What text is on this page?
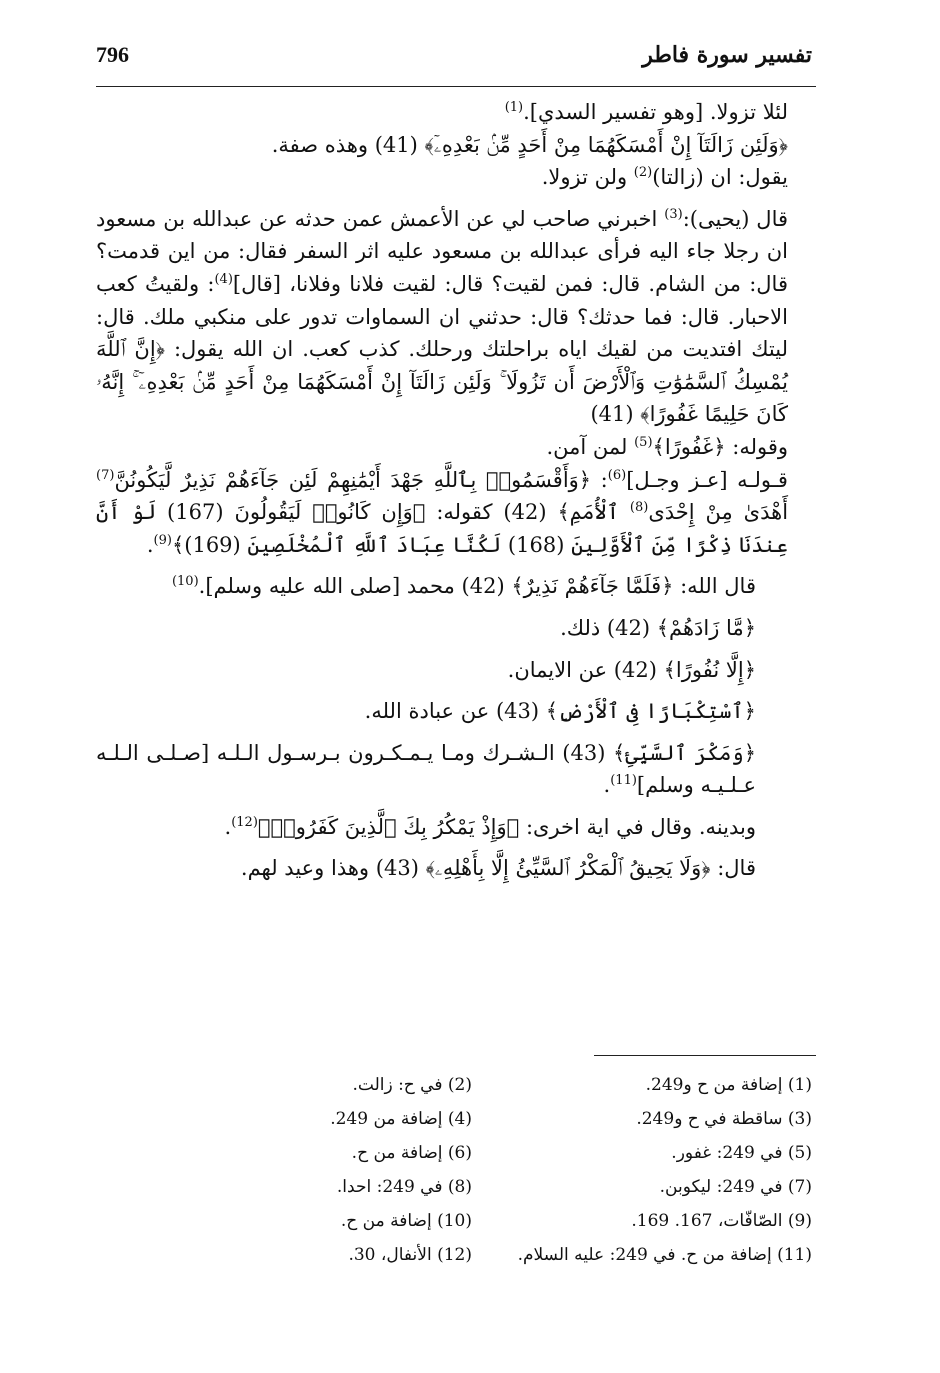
796	تفسير سورة فاطر

لئلا تزولا. [وهو تفسير السدي].$^{(1)}$

﴿وَلَئِن زَالَتَآ إِنْ أَمْسَكَهُمَا مِنْ أَحَدٍ مِّنۢ بَعْدِهِۦٓ﴾ (41) وهذه صفة.

يقول: ان (زالتا)$^{(2)}$ ولن تزولا.

قال (يحيى):$^{(3)}$ اخبرني صاحب لي عن الأعمش عمن حدثه عن عبدالله بن مسعود ان رجلا جاء اليه فرأى عبدالله بن مسعود عليه اثر السفر فقال: من اين قدمت؟ قال: من الشام. قال: فمن لقيت؟ قال: لقيت فلانا وفلانا، [قال]$^{(4)}$: ولقيتُ كعب الاحبار. قال: فما حدثك؟ قال: حدثني ان السماوات تدور على منكبي ملك. قال: ليتك افتديت من لقيك اياه براحلتك ورحلك. كذب كعب. ان الله يقول: ﴿إِنَّ ٱللَّهَ يُمْسِكُ ٱلسَّمَٰوَٰتِ وَٱلْأَرْضَ أَن تَزُولَا ۚ وَلَئِن زَالَتَآ إِنْ أَمْسَكَهُمَا مِنْ أَحَدٍ مِّنۢ بَعْدِهِۦٓ ۚ إِنَّهُۥ كَانَ حَلِيمًا غَفُورًا﴾ (41)

وقوله: ﴿غَفُورًا﴾$^{(5)}$ لمن آمن.

قـولـه [عـز وجـل]$^{(6)}$: ﴿وَأَقْسَمُوا۟ بِٱللَّهِ جَهْدَ أَيْمَٰنِهِمْ لَئِن جَآءَهُمْ نَذِيرٌ لَّيَكُونُنَّ$^{(7)}$ أَهْدَىٰ مِنْ إِحْدَى$^{(8)}$ ٱلْأُمَمِ﴾ (42) كقوله: ﴿وَإِن كَانُوا۟ لَيَقُولُونَ (167) لَوْ أَنَّ عِندَنَا ذِكْرًا مِّنَ ٱلْأَوَّلِينَ (168) لَكُنَّا عِبَادَ ٱللَّهِ ٱلْمُخْلَصِينَ (169)﴾$^{(9)}$.

قال الله: ﴿فَلَمَّا جَآءَهُمْ نَذِيرٌ﴾ (42) محمد [صلى الله عليه وسلم].$^{(10)}$

﴿مَّا زَادَهُمْ﴾ (42) ذلك.

﴿إِلَّا نُفُورًا﴾ (42) عن الايمان.

﴿ٱسْتِكْبَارًا فِى ٱلْأَرْضِ﴾ (43) عن عبادة الله.

﴿وَمَكْرَ ٱلسَّيِّئِ﴾ (43) الـشـرك ومـا يـمـكـرون بـرسـول الـلـه [صـلـى الـلـه عـلـيـه وسلم]$^{(11)}$.

وبدينه. وقال في اية اخرى: ﴿وَإِذْ يَمْكُرُ بِكَ ٱلَّذِينَ كَفَرُوا۟﴾$^{(12)}$.

قال: ﴿وَلَا يَحِيقُ ٱلْمَكْرُ ٱلسَّيِّئُ إِلَّا بِأَهْلِهِۦ﴾ (43) وهذا وعيد لهم.

(1) إضافة من ح و249.
(2) في ح: زالت.
(3) ساقطة في ح و249.
(4) إضافة من 249.
(5) في 249: غفور.
(6) إضافة من ح.
(7) في 249: ليكوبن.
(8) في 249: احدا.
(9) الصّافّات، 167. 169.
(10) إضافة من ح.
(11) إضافة من ح. في 249: عليه السلام.
(12) الأنفال، 30.
